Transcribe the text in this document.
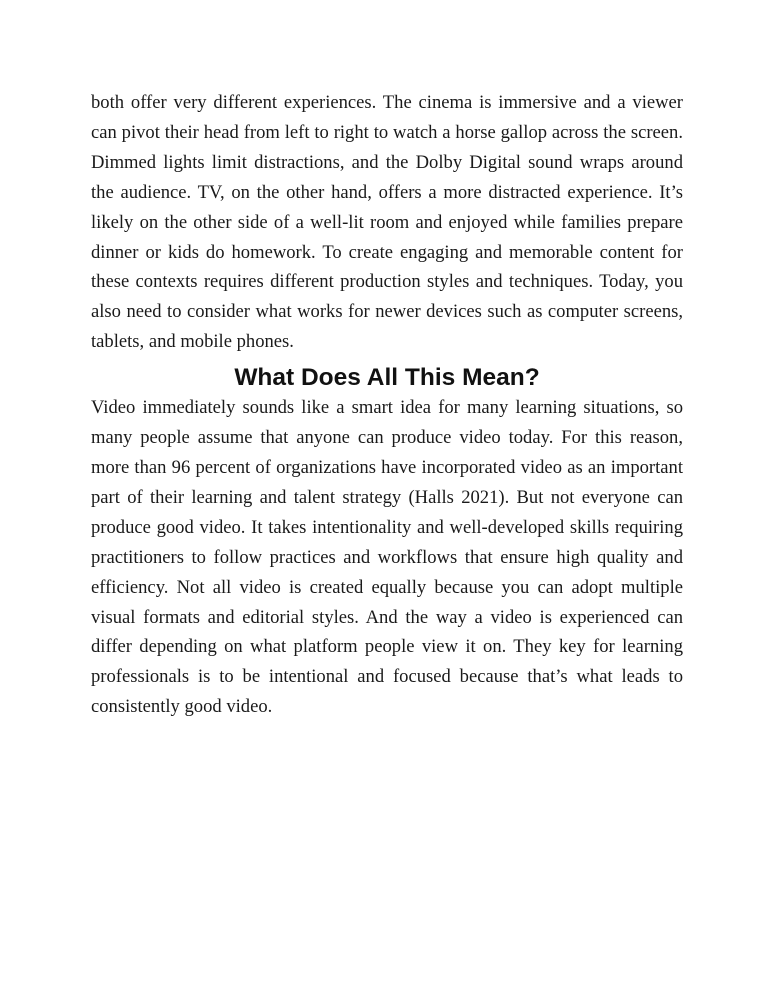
both offer very different experiences. The cinema is immersive and a viewer can pivot their head from left to right to watch a horse gallop across the screen. Dimmed lights limit distractions, and the Dolby Digital sound wraps around the audience. TV, on the other hand, offers a more distracted experience. It’s likely on the other side of a well-lit room and enjoyed while families prepare dinner or kids do homework. To create engaging and memorable content for these contexts requires different production styles and techniques. Today, you also need to consider what works for newer devices such as computer screens, tablets, and mobile phones.

What Does All This Mean?

Video immediately sounds like a smart idea for many learning situations, so many people assume that anyone can produce video today. For this reason, more than 96 percent of organizations have incorporated video as an important part of their learning and talent strategy (Halls 2021). But not everyone can produce good video. It takes intentionality and well-developed skills requiring practitioners to follow practices and workflows that ensure high quality and efficiency. Not all video is created equally because you can adopt multiple visual formats and editorial styles. And the way a video is experienced can differ depending on what platform people view it on. They key for learning professionals is to be intentional and focused because that’s what leads to consistently good video.
